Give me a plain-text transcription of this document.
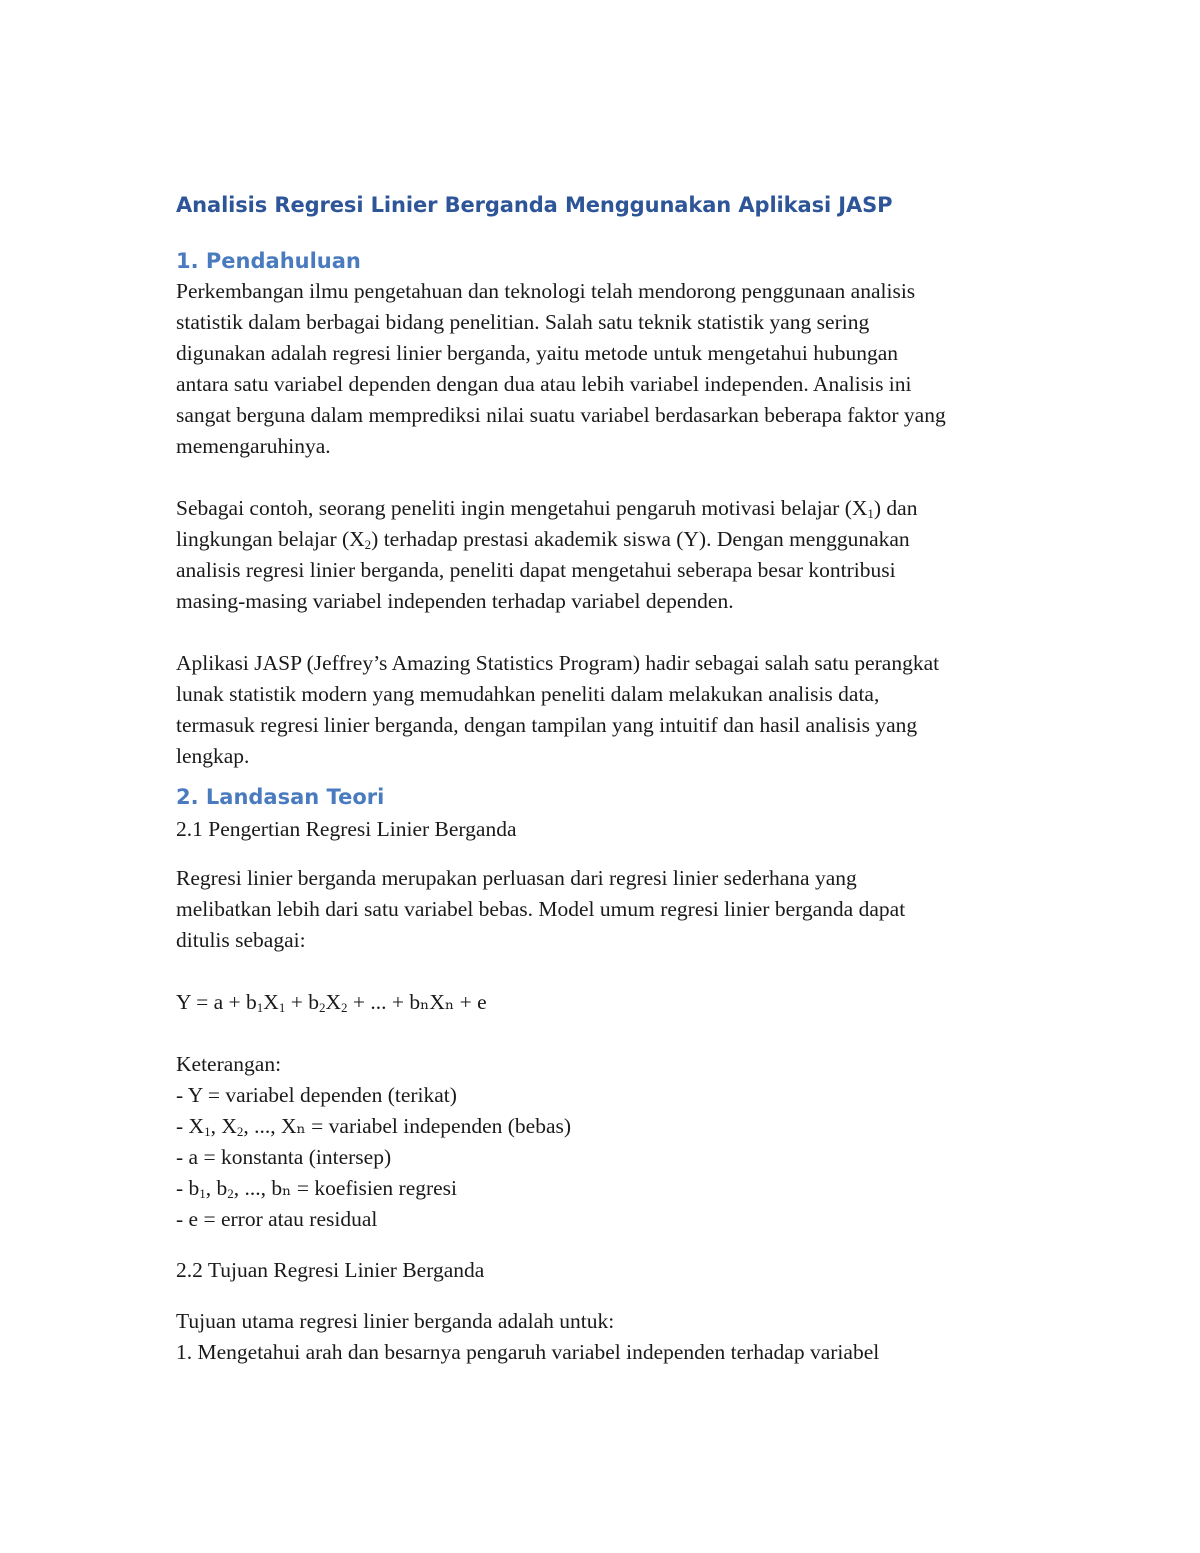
Analisis Regresi Linier Berganda Menggunakan Aplikasi JASP
1. Pendahuluan
Perkembangan ilmu pengetahuan dan teknologi telah mendorong penggunaan analisis
statistik dalam berbagai bidang penelitian. Salah satu teknik statistik yang sering
digunakan adalah regresi linier berganda, yaitu metode untuk mengetahui hubungan
antara satu variabel dependen dengan dua atau lebih variabel independen. Analisis ini
sangat berguna dalam memprediksi nilai suatu variabel berdasarkan beberapa faktor yang
memengaruhinya.
Sebagai contoh, seorang peneliti ingin mengetahui pengaruh motivasi belajar $(X_1)$ dan
lingkungan belajar $(X_2)$ terhadap prestasi akademik siswa (Y). Dengan menggunakan
analisis regresi linier berganda, peneliti dapat mengetahui seberapa besar kontribusi
masing-masing variabel independen terhadap variabel dependen.
Aplikasi JASP (Jeffrey’s Amazing Statistics Program) hadir sebagai salah satu perangkat
lunak statistik modern yang memudahkan peneliti dalam melakukan analisis data,
termasuk regresi linier berganda, dengan tampilan yang intuitif dan hasil analisis yang
lengkap.
2. Landasan Teori
2.1 Pengertian Regresi Linier Berganda
Regresi linier berganda merupakan perluasan dari regresi linier sederhana yang
melibatkan lebih dari satu variabel bebas. Model umum regresi linier berganda dapat
ditulis sebagai:
$Y = a + b_1X_1 + b_2X_2$ + ... + bₙXₙ + e
Keterangan:
- Y = variabel dependen (terikat)
- $X_1$, $X_2$, ..., Xₙ = variabel independen (bebas)
- a = konstanta (intersep)
- $b_1$, $b_2$, ..., bₙ = koefisien regresi
- e = error atau residual
2.2 Tujuan Regresi Linier Berganda
Tujuan utama regresi linier berganda adalah untuk:
1. Mengetahui arah dan besarnya pengaruh variabel independen terhadap variabel
